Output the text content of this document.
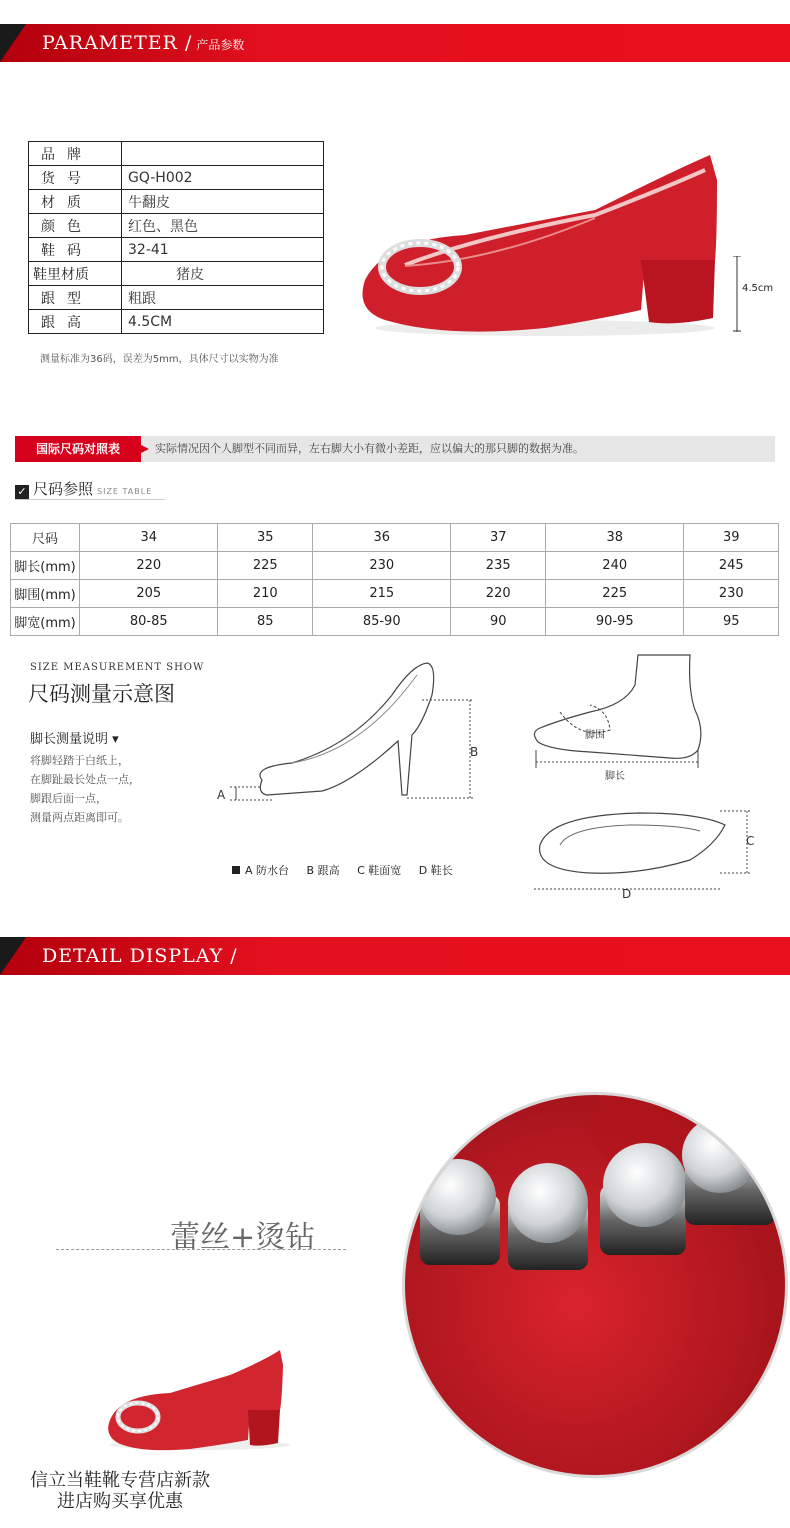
PARAMETER / 产品参数
品牌	
货号	GQ-H002
材质	牛翻皮
颜色	红色、黑色
鞋码	32-41
鞋里材质	猪皮
跟型	粗跟
跟高	4.5CM
测量标准为36码，误差为5mm，具体尺寸以实物为准
4.5cm
国际尺码对照表	实际情况因个人脚型不同而异，左右脚大小有微小差距，应以偏大的那只脚的数据为准。
✓ 尺码参照 SIZE TABLE
尺码	34	35	36	37	38	39
脚长(mm)	220	225	230	235	240	245
脚围(mm)	205	210	215	220	225	230
脚宽(mm)	80-85	85	85-90	90	90-95	95
SIZE MEASUREMENT SHOW
尺码测量示意图
脚长测量说明 ▾
将脚轻踏于白纸上，
在脚趾最长处点一点，
脚跟后面一点，
测量两点距离即可。
A
B
脚围
脚长
C
D
A 防水台 B 跟高 C 鞋面宽 D 鞋长
DETAIL DISPLAY /
蕾丝+烫钻
信立当鞋靴专营店新款
进店购买享优惠
